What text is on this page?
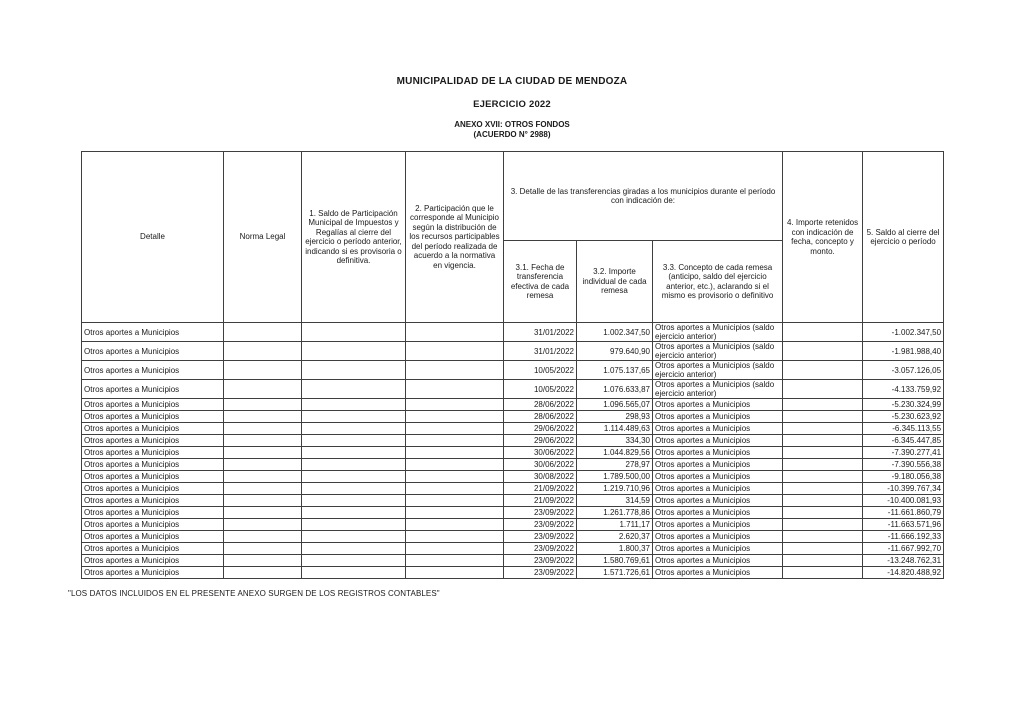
MUNICIPALIDAD DE LA CIUDAD DE MENDOZA
EJERCICIO 2022
ANEXO XVII: OTROS FONDOS
(ACUERDO N° 2988)
Detalle	Norma Legal	1. Saldo de Participación Municipal de Impuestos y Regalías al cierre del ejercicio o período anterior, indicando si es provisoria o definitiva.	2. Participación que le corresponde al Municipio según la distribución de los recursos participables del período realizada de acuerdo a la normativa en vigencia.	3. Detalle de las transferencias giradas a los municipios durante el período con indicación de:			4. Importe retenidos con indicación de fecha, concepto y monto.	5. Saldo al cierre del ejercicio o período
				3.1. Fecha de transferencia efectiva de cada remesa	3.2. Importe individual de cada remesa	3.3. Concepto de cada remesa (anticipo, saldo del ejercicio anterior, etc.), aclarando si el mismo es provisorio o definitivo		
Otros aportes a Municipios				31/01/2022	1.002.347,50	Otros aportes a Municipios (saldo ejercicio anterior)		-1.002.347,50
Otros aportes a Municipios				31/01/2022	979.640,90	Otros aportes a Municipios (saldo ejercicio anterior)		-1.981.988,40
Otros aportes a Municipios				10/05/2022	1.075.137,65	Otros aportes a Municipios (saldo ejercicio anterior)		-3.057.126,05
Otros aportes a Municipios				10/05/2022	1.076.633,87	Otros aportes a Municipios (saldo ejercicio anterior)		-4.133.759,92
Otros aportes a Municipios				28/06/2022	1.096.565,07	Otros aportes a Municipios		-5.230.324,99
Otros aportes a Municipios				28/06/2022	298,93	Otros aportes a Municipios		-5.230.623,92
Otros aportes a Municipios				29/06/2022	1.114.489,63	Otros aportes a Municipios		-6.345.113,55
Otros aportes a Municipios				29/06/2022	334,30	Otros aportes a Municipios		-6.345.447,85
Otros aportes a Municipios				30/06/2022	1.044.829,56	Otros aportes a Municipios		-7.390.277,41
Otros aportes a Municipios				30/06/2022	278,97	Otros aportes a Municipios		-7.390.556,38
Otros aportes a Municipios				30/08/2022	1.789.500,00	Otros aportes a Municipios		-9.180.056,38
Otros aportes a Municipios				21/09/2022	1.219.710,96	Otros aportes a Municipios		-10.399.767,34
Otros aportes a Municipios				21/09/2022	314,59	Otros aportes a Municipios		-10.400.081,93
Otros aportes a Municipios				23/09/2022	1.261.778,86	Otros aportes a Municipios		-11.661.860,79
Otros aportes a Municipios				23/09/2022	1.711,17	Otros aportes a Municipios		-11.663.571,96
Otros aportes a Municipios				23/09/2022	2.620,37	Otros aportes a Municipios		-11.666.192,33
Otros aportes a Municipios				23/09/2022	1.800,37	Otros aportes a Municipios		-11.667.992,70
Otros aportes a Municipios				23/09/2022	1.580.769,61	Otros aportes a Municipios		-13.248.762,31
Otros aportes a Municipios				23/09/2022	1.571.726,61	Otros aportes a Municipios		-14.820.488,92
"LOS DATOS INCLUIDOS EN EL PRESENTE ANEXO SURGEN DE LOS REGISTROS CONTABLES"
